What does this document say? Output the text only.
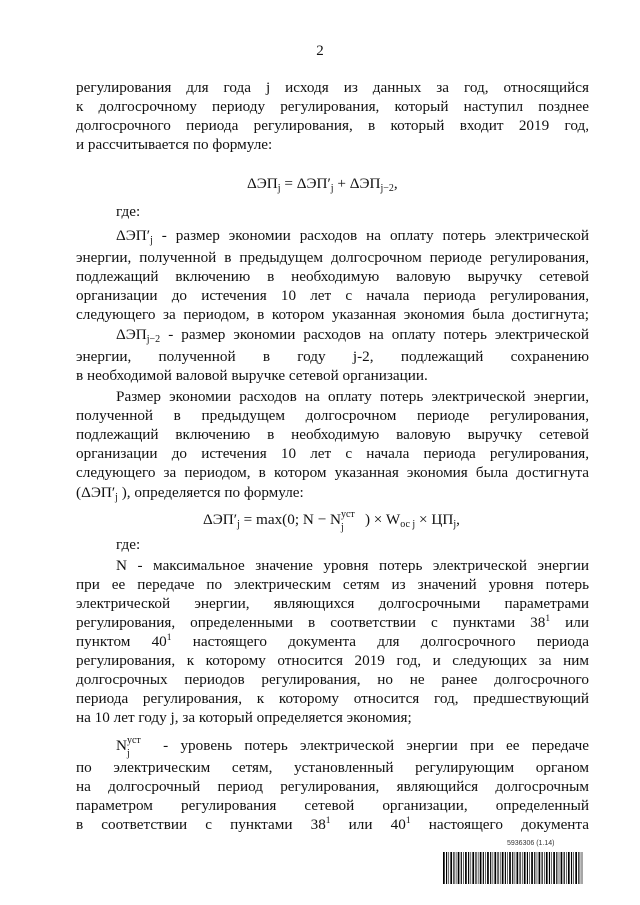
2
регулирования для года j исходя из данных за год, относящийся
к долгосрочному периоду регулирования, который наступил позднее
долгосрочного периода регулирования, в который входит 2019 год,
и рассчитывается по формуле:
$\Delta ЭП_j = \Delta ЭП'_j + \Delta ЭП_{j-2}$,
где:
$\Delta ЭП'_j$ - размер экономии расходов на оплату потерь электрической
энергии, полученной в предыдущем долгосрочном периоде регулирования,
подлежащий включению в необходимую валовую выручку сетевой
организации до истечения 10 лет с начала периода регулирования,
следующего за периодом, в котором указанная экономия была достигнута;
$\Delta ЭП_{j-2}$ - размер экономии расходов на оплату потерь электрической
энергии, полученной в году j-2, подлежащий сохранению
в необходимой валовой выручке сетевой организации.
Размер экономии расходов на оплату потерь электрической энергии,
полученной в предыдущем долгосрочном периоде регулирования,
подлежащий включению в необходимую валовую выручку сетевой
организации до истечения 10 лет с начала периода регулирования,
следующего за периодом, в котором указанная экономия была достигнута
($\Delta ЭП'_j$ ), определяется по формуле:
$\Delta ЭП'_j = \max(0$; N − N уст
j ) × $W_{ос j} \times ЦП_j$,
где:
N - максимальное значение уровня потерь электрической энергии
при ее передаче по электрическим сетям из значений уровня потерь
электрической энергии, являющихся долгосрочными параметрами
регулирования, определенными в соответствии с пунктами 38$^1$ или
пунктом 40$^1$ настоящего документа для долгосрочного периода
регулирования, к которому относится 2019 год, и следующих за ним
долгосрочных периодов регулирования, но не ранее долгосрочного
периода регулирования, к которому относится год, предшествующий
на 10 лет году j, за который определяется экономия;
N уст
j - уровень потерь электрической энергии при ее передаче
по электрическим сетям, установленный регулирующим органом
на долгосрочный период регулирования, являющийся долгосрочным
параметром регулирования сетевой организации, определенный
в соответствии с пунктами 38$^1$ или 40$^1$ настоящего документа
5936306 (1.14)
